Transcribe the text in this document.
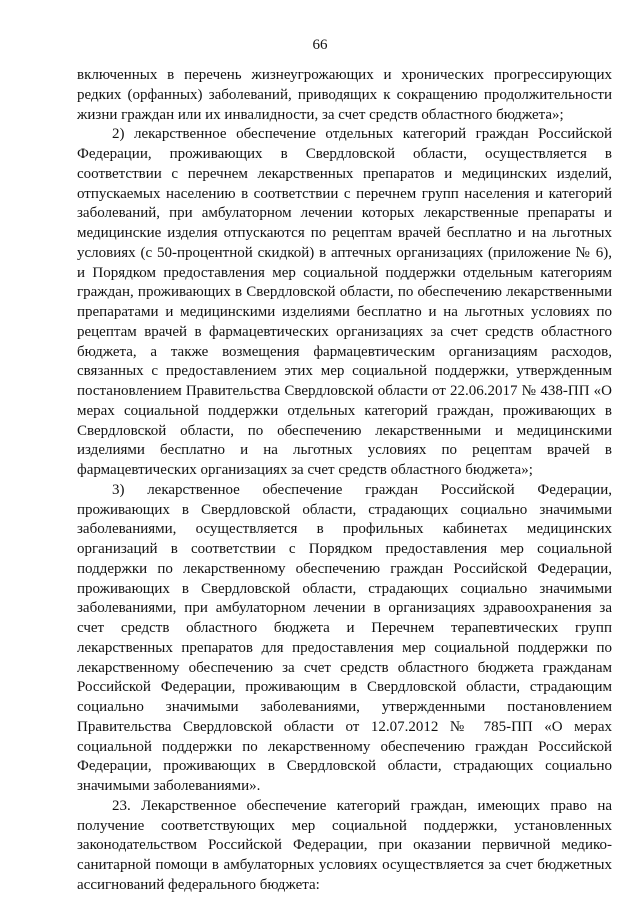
66

включенных в перечень жизнеугрожающих и хронических прогрессирующих редких (орфанных) заболеваний, приводящих к сокращению продолжительности жизни граждан или их инвалидности, за счет средств областного бюджета»;

2) лекарственное обеспечение отдельных категорий граждан Российской Федерации, проживающих в Свердловской области, осуществляется в соответствии с перечнем лекарственных препаратов и медицинских изделий, отпускаемых населению в соответствии с перечнем групп населения и категорий заболеваний, при амбулаторном лечении которых лекарственные препараты и медицинские изделия отпускаются по рецептам врачей бесплатно и на льготных условиях (с 50-процентной скидкой) в аптечных организациях (приложение № 6), и Порядком предоставления мер социальной поддержки отдельным категориям граждан, проживающих в Свердловской области, по обеспечению лекарственными препаратами и медицинскими изделиями бесплатно и на льготных условиях по рецептам врачей в фармацевтических организациях за счет средств областного бюджета, а также возмещения фармацевтическим организациям расходов, связанных с предоставлением этих мер социальной поддержки, утвержденным постановлением Правительства Свердловской области от 22.06.2017 № 438-ПП «О мерах социальной поддержки отдельных категорий граждан, проживающих в Свердловской области, по обеспечению лекарственными и медицинскими изделиями бесплатно и на льготных условиях по рецептам врачей в фармацевтических организациях за счет средств областного бюджета»;

3) лекарственное обеспечение граждан Российской Федерации, проживающих в Свердловской области, страдающих социально значимыми заболеваниями, осуществляется в профильных кабинетах медицинских организаций в соответствии с Порядком предоставления мер социальной поддержки по лекарственному обеспечению граждан Российской Федерации, проживающих в Свердловской области, страдающих социально значимыми заболеваниями, при амбулаторном лечении в организациях здравоохранения за счет средств областного бюджета и Перечнем терапевтических групп лекарственных препаратов для предоставления мер социальной поддержки по лекарственному обеспечению за счет средств областного бюджета гражданам Российской Федерации, проживающим в Свердловской области, страдающим социально значимыми заболеваниями, утвержденными постановлением Правительства Свердловской области от 12.07.2012 № 785-ПП «О мерах социальной поддержки по лекарственному обеспечению граждан Российской Федерации, проживающих в Свердловской области, страдающих социально значимыми заболеваниями».

23. Лекарственное обеспечение категорий граждан, имеющих право на получение соответствующих мер социальной поддержки, установленных законодательством Российской Федерации, при оказании первичной медико-санитарной помощи в амбулаторных условиях осуществляется за счет бюджетных ассигнований федерального бюджета:
